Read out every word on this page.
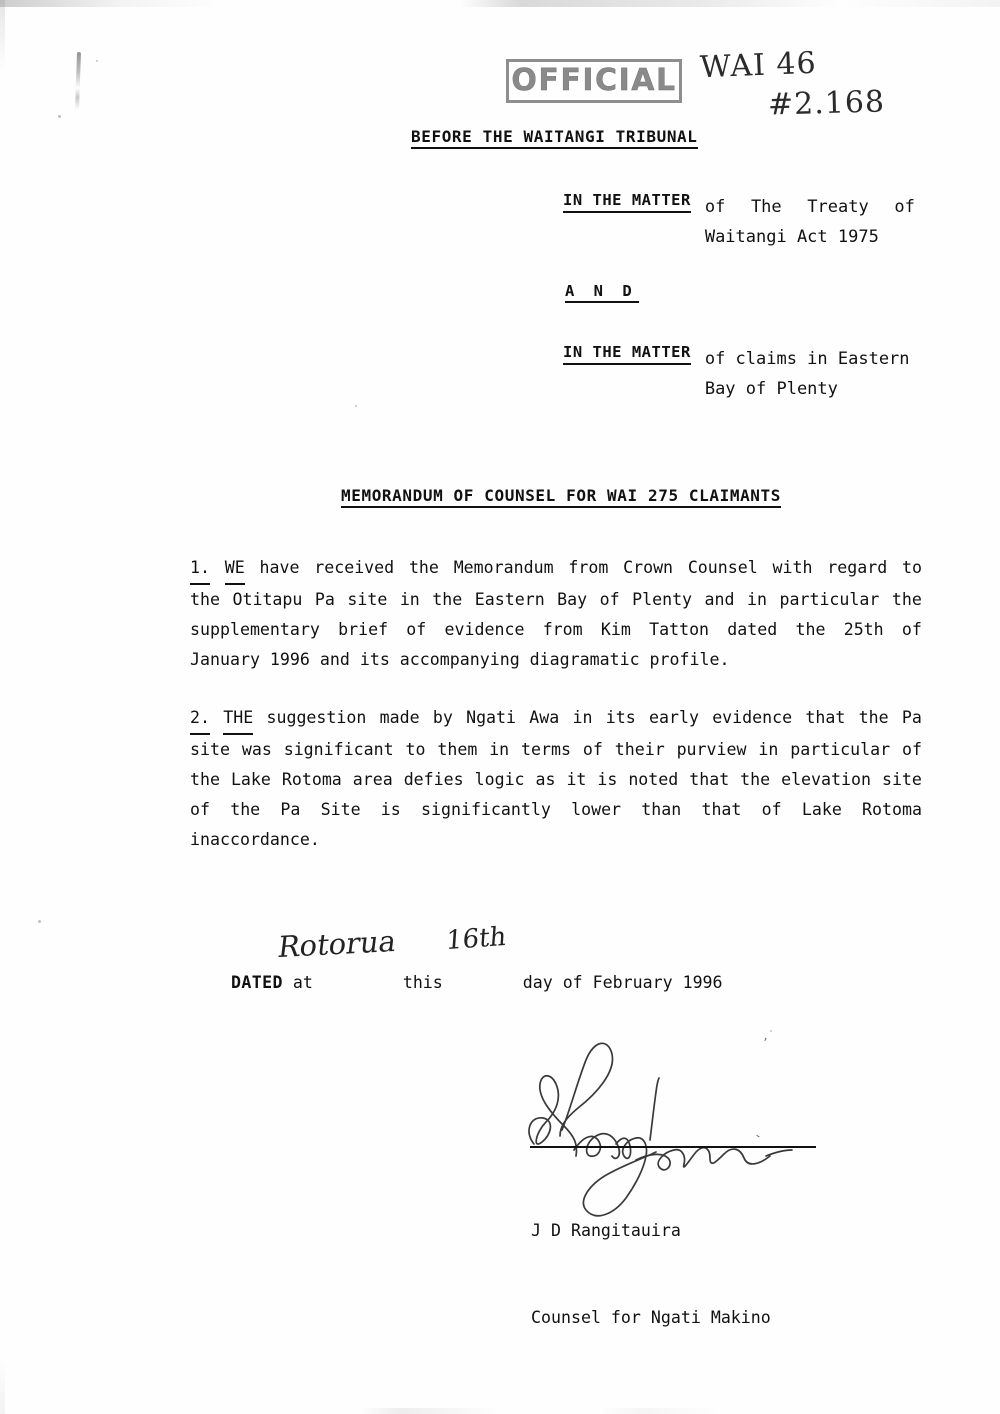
OFFICIAL WAI 46
#2.168
BEFORE THE WAITANGI TRIBUNAL
IN THE MATTER of The Treaty of
Waitangi Act 1975
A N D
IN THE MATTER of claims in Eastern
Bay of Plenty
MEMORANDUM OF COUNSEL FOR WAI 275 CLAIMANTS
1. WE have received the Memorandum from Crown Counsel with regard to
the Otitapu Pa site in the Eastern Bay of Plenty and in particular the
supplementary brief of evidence from Kim Tatton dated the 25th of
January 1996 and its accompanying diagramatic profile.
2. THE suggestion made by Ngati Awa in its early evidence that the Pa
site was significant to them in terms of their purview in particular of
the Lake Rotoma area defies logic as it is noted that the elevation site
of the Pa Site is significantly lower than that of Lake Rotoma
inaccordance.

DATED at	this	day of February 1996

Rotorua 16th
ʼ
ˎ

J D Rangitauira

Counsel for Ngati Makino
